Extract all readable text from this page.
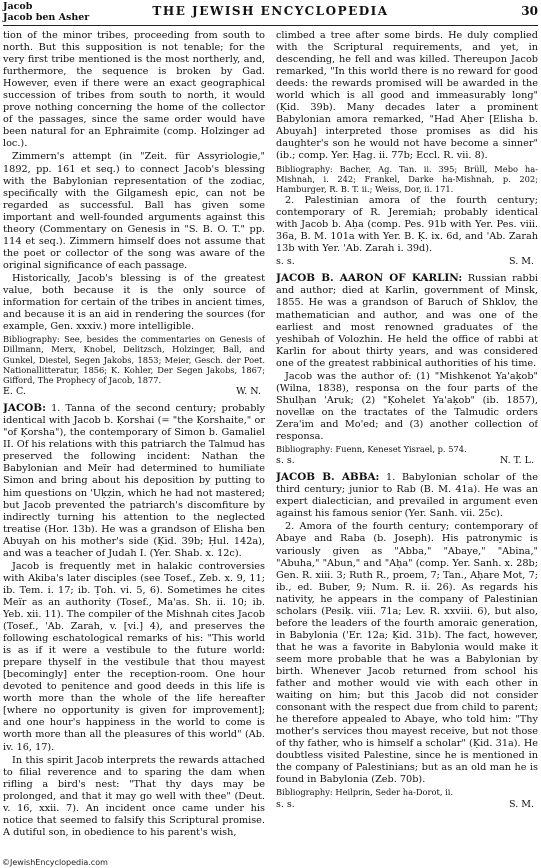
Jacob
Jacob ben Asher	THE JEWISH ENCYCLOPEDIA	30

tion of the minor tribes, proceeding from south to north. But this supposition is not tenable; for the very first tribe mentioned is the most northerly, and, furthermore, the sequence is broken by Gad. However, even if there were an exact geographical succession of tribes from south to north, it would prove nothing concerning the home of the collector of the passages, since the same order would have been natural for an Ephraimite (comp. Holzinger ad loc.).

Zimmern's attempt (in "Zeit. für Assyriologie," 1892, pp. 161 et seq.) to connect Jacob's blessing with the Babylonian representation of the zodiac, specifically with the Gilgamesh epic, can not be regarded as successful. Ball has given some important and well-founded arguments against this theory (Commentary on Genesis in "S. B. O. T." pp. 114 et seq.). Zimmern himself does not assume that the poet or collector of the song was aware of the original significance of each passage.

Historically, Jacob's blessing is of the greatest value, both because it is the only source of information for certain of the tribes in ancient times, and because it is an aid in rendering the sources (for example, Gen. xxxiv.) more intelligible.

Bibliography: See, besides the commentaries on Genesis of Dillmann, Merx, Knobel, Delitzsch, Holzinger, Ball, and Gunkel, Diestel, Segen Jakobs, 1853; Meier, Gesch. der Poet. Nationallitteratur, 1856; K. Kohler, Der Segen Jakobs, 1867; Gifford, The Prophecy of Jacob, 1877.

E. C.	W. N.

JACOB: 1. Tanna of the second century; probably identical with Jacob b. Ḳorshai (= "the Ḳorshaite," or "of Ḳorsha"), the contemporary of Simon b. Gamaliel II. Of his relations with this patriarch the Talmud has preserved the following incident: Nathan the Babylonian and Meïr had determined to humiliate Simon and bring about his deposition by putting to him questions on 'Uḳẓin, which he had not mastered; but Jacob prevented the patriarch's discomfiture by indirectly turning his attention to the neglected treatise (Hor. 13b). He was a grandson of Elisha ben Abuyah on his mother's side (Ḳid. 39b; Ḥul. 142a), and was a teacher of Judah I. (Yer. Shab. x. 12c).

Jacob is frequently met in halakic controversies with Akiba's later disciples (see Tosef., Zeb. x. 9, 11; ib. Tem. i. 17; ib. Ṭoh. vi. 5, 6). Sometimes he cites Meïr as an authority (Tosef., Ma'as. Sh. ii. 10; ib. Yeb. xii. 11). The compiler of the Mishnah cites Jacob (Tosef., 'Ab. Zarah, v. [vi.] 4), and preserves the following eschatological remarks of his: "This world is as if it were a vestibule to the future world: prepare thyself in the vestibule that thou mayest [becomingly] enter the reception-room. One hour devoted to penitence and good deeds in this life is worth more than the whole of the life hereafter [where no opportunity is given for improvement]; and one hour's happiness in the world to come is worth more than all the pleasures of this world" (Ab. iv. 16, 17).

In this spirit Jacob interprets the rewards attached to filial reverence and to sparing the dam when rifling a bird's nest: "That thy days may be prolonged, and that it may go well with thee" (Deut. v. 16, xxii. 7). An incident once came under his notice that seemed to falsify this Scriptural promise. A dutiful son, in obedience to his parent's wish,

climbed a tree after some birds. He duly complied with the Scriptural requirements, and yet, in descending, he fell and was killed. Thereupon Jacob remarked, "In this world there is no reward for good deeds: the rewards promised will be awarded in the world which is all good and immeasurably long" (Ḳid. 39b). Many decades later a prominent Babylonian amora remarked, "Had Aḥer [Elisha b. Abuyah] interpreted those promises as did his daughter's son he would not have become a sinner" (ib.; comp. Yer. Ḥag. ii. 77b; Eccl. R. vii. 8).

Bibliography: Bacher, Ag. Tan. ii. 395; Brüll, Mebo ha-Mishnah, i. 242; Frankel, Darke ha-Mishnah, p. 202; Hamburger, R. B. T. ii.; Weiss, Dor, ii. 171.

2. Palestinian amora of the fourth century; contemporary of R. Jeremiah; probably identical with Jacob b. Aḥa (comp. Pes. 91b with Yer. Pes. viii. 36a, B. M. 101a with Yer. B. Ḳ. ix. 6d, and 'Ab. Zarah 13b with Yer. 'Ab. Zarah i. 39d).

s. s.	S. M.

JACOB B. AARON OF KARLIN: Russian rabbi and author; died at Karlin, government of Minsk, 1855. He was a grandson of Baruch of Shklov, the mathematician and author, and was one of the earliest and most renowned graduates of the yeshibah of Volozhin. He held the office of rabbi at Karlin for about thirty years, and was considered one of the greatest rabbinical authorities of his time.

Jacob was the author of: (1) "Mishkenot Ya'aḳob" (Wilna, 1838), responsa on the four parts of the Shulḥan 'Aruk; (2) "Ḳohelet Ya'aḳob" (ib. 1857), novellæ on the tractates of the Talmudic orders Zera'im and Mo'ed; and (3) another collection of responsa.

Bibliography: Fuenn, Keneset Yisrael, p. 574.

s. s.	N. T. L.

JACOB B. ABBA: 1. Babylonian scholar of the third century; junior to Rab (B. M. 41a). He was an expert dialectician, and prevailed in argument even against his famous senior (Yer. Sanh. vii. 25c).

2. Amora of the fourth century; contemporary of Abaye and Raba (b. Joseph). His patronymic is variously given as "Abba," "Abaye," "Abina," "Abuha," "Abun," and "Aḥa" (comp. Yer. Sanh. x. 28b; Gen. R. xiii. 3; Ruth R., proem, 7; Tan., Aḥare Mot, 7; ib., ed. Buber, 9; Num. R. ii. 26). As regards his nativity, he appears in the company of Palestinian scholars (Pesiḳ. viii. 71a; Lev. R. xxviii. 6), but also, before the leaders of the fourth amoraic generation, in Babylonia ('Er. 12a; Ḳid. 31b). The fact, however, that he was a favorite in Babylonia would make it seem more probable that he was a Babylonian by birth. Whenever Jacob returned from school his father and mother would vie with each other in waiting on him; but this Jacob did not consider consonant with the respect due from child to parent; he therefore appealed to Abaye, who told him: "Thy mother's services thou mayest receive, but not those of thy father, who is himself a scholar" (Ḳid. 31a). He doubtless visited Palestine, since he is mentioned in the company of Palestinians; but as an old man he is found in Babylonia (Zeb. 70b).

Bibliography: Heilprin, Seder ha-Dorot, ii.

s. s.	S. M.
©JewishEncyclopedia.com
